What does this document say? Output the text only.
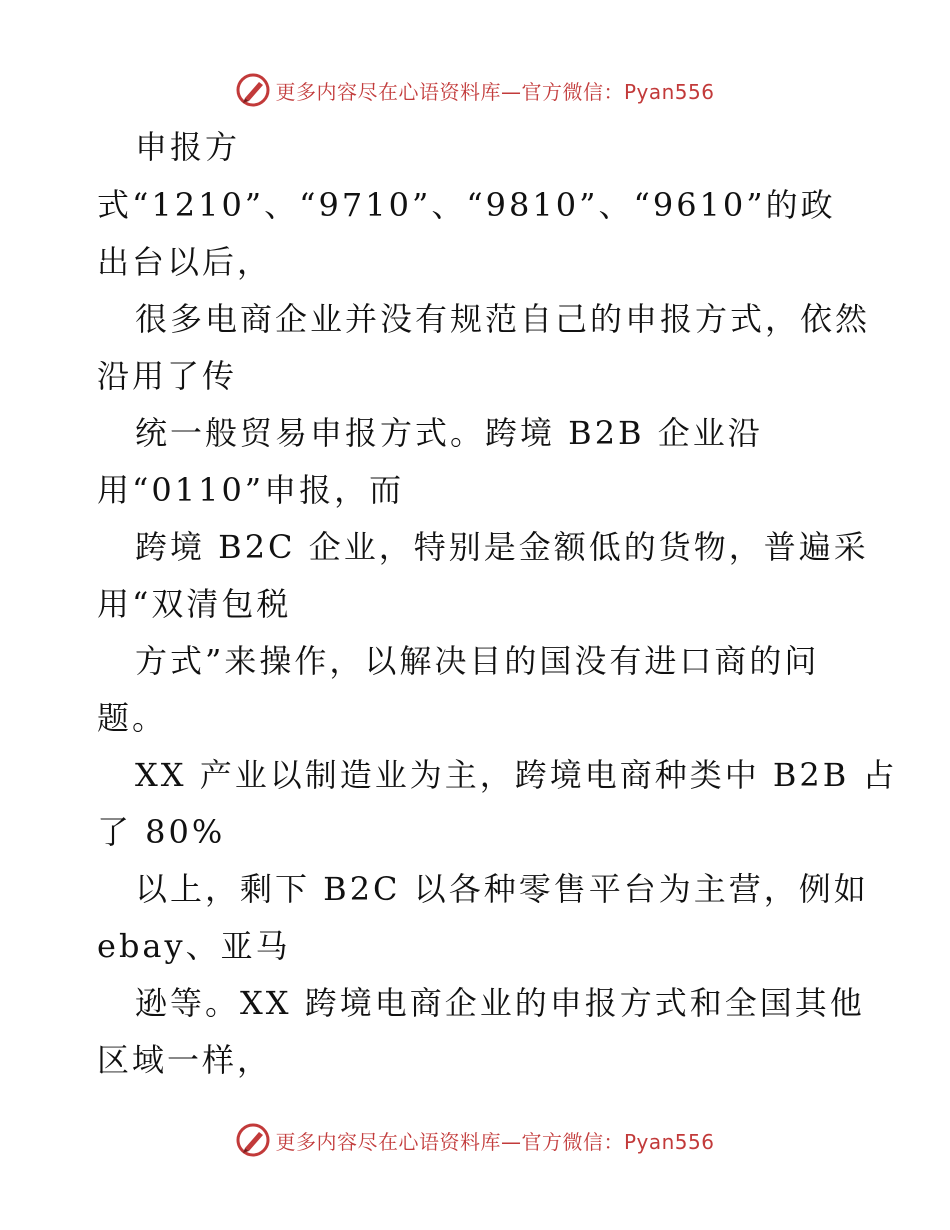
更多内容尽在心语资料库—官方微信：Pyan556
申报方
式“1210”、“9710”、“9810”、“9610”的政
出台以后，
很多电商企业并没有规范自己的申报方式，依然
沿用了传
统一般贸易申报方式。跨境 B2B 企业沿
用“0110”申报，而
跨境 B2C 企业，特别是金额低的货物，普遍采
用“双清包税
方式”来操作，以解决目的国没有进口商的问
题。
XX 产业以制造业为主，跨境电商种类中 B2B 占
了 80%
以上，剩下 B2C 以各种零售平台为主营，例如
ebay、亚马
逊等。XX 跨境电商企业的申报方式和全国其他
区域一样，
更多内容尽在心语资料库—官方微信：Pyan556
